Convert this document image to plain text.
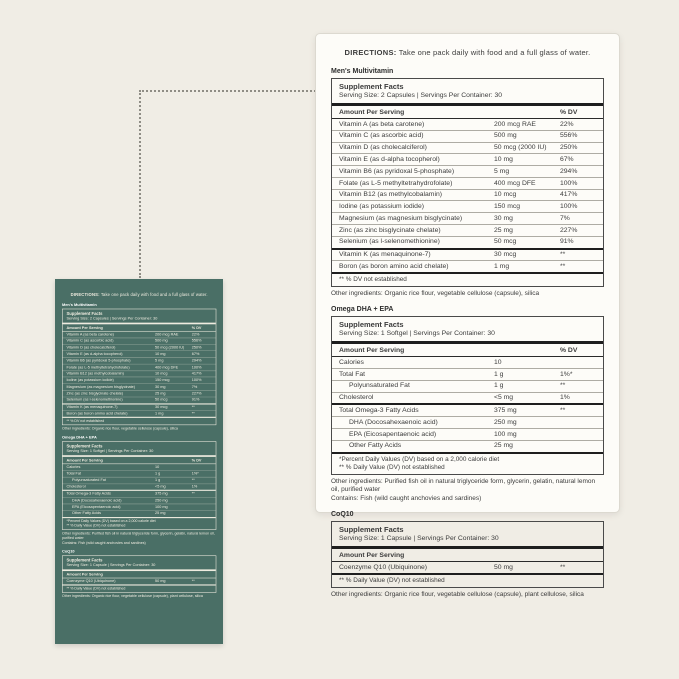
DIRECTIONS: Take one pack daily with food and a full glass of water.

Men's Multivitamin
Supplement Facts
Serving Size: 2 Capsules | Servings Per Container: 30
Amount Per Serving	% DV
Vitamin A (as beta carotene)	200 mcg RAE	22%
Vitamin C (as ascorbic acid)	500 mg	556%
Vitamin D (as cholecalciferol)	50 mcg (2000 IU)	250%
Vitamin E (as d-alpha tocopherol)	10 mg	67%
Vitamin B6 (as pyridoxal 5-phosphate)	5 mg	294%
Folate (as L-5 methyltetrahydrofolate)	400 mcg DFE	100%
Vitamin B12 (as methylcobalamin)	10 mcg	417%
Iodine (as potassium iodide)	150 mcg	100%
Magnesium (as magnesium bisglycinate)	30 mg	7%
Zinc (as zinc bisglycinate chelate)	25 mg	227%
Selenium (as l-selenomethionine)	50 mcg	91%
Vitamin K (as menaquinone-7)	30 mcg	**
Boron (as boron amino acid chelate)	1 mg	**
** % DV not established
Other ingredients: Organic rice flour, vegetable cellulose (capsule), silica
Omega DHA + EPA
Supplement Facts
Serving Size: 1 Softgel | Servings Per Container: 30
Amount Per Serving	% DV
Calories	10
Total Fat	1 g	1%*
Polyunsaturated Fat	1 g	**
Cholesterol	<5 mg	1%
Total Omega-3 Fatty Acids	375 mg	**
DHA (Docosahexaenoic acid)	250 mg
EPA (Eicosapentaenoic acid)	100 mg
Other Fatty Acids	25 mg
*Percent Daily Values (DV) based on a 2,000 calorie diet
** % Daily Value (DV) not established
Other ingredients: Purified fish oil in natural triglyceride form, glycerin, gelatin, natural lemon oil, purified water
Contains: Fish (wild caught anchovies and sardines)
CoQ10
Supplement Facts
Serving Size: 1 Capsule | Servings Per Container: 30
Amount Per Serving
Coenzyme Q10 (Ubiquinone)	50 mg	**
** % Daily Value (DV) not established
Other ingredients: Organic rice flour, vegetable cellulose (capsule), plant cellulose, silica

DIRECTIONS: Take one pack daily with food and a full glass of water.

Men's Multivitamin
Supplement Facts
Serving Size: 2 Capsules | Servings Per Container: 30
Amount Per Serving	% DV
Vitamin A (as beta carotene)	200 mcg RAE	22%
Vitamin C (as ascorbic acid)	500 mg	556%
Vitamin D (as cholecalciferol)	50 mcg (2000 IU)	250%
Vitamin E (as d-alpha tocopherol)	10 mg	67%
Vitamin B6 (as pyridoxal 5-phosphate)	5 mg	294%
Folate (as L-5 methyltetrahydrofolate)	400 mcg DFE	100%
Vitamin B12 (as methylcobalamin)	10 mcg	417%
Iodine (as potassium iodide)	150 mcg	100%
Magnesium (as magnesium bisglycinate)	30 mg	7%
Zinc (as zinc bisglycinate chelate)	25 mg	227%
Selenium (as l-selenomethionine)	50 mcg	91%
Vitamin K (as menaquinone-7)	30 mcg	**
Boron (as boron amino acid chelate)	1 mg	**
** % DV not established
Other ingredients: Organic rice flour, vegetable cellulose (capsule), silica
Omega DHA + EPA
Supplement Facts
Serving Size: 1 Softgel | Servings Per Container: 30
Amount Per Serving	% DV
Calories	10
Total Fat	1 g	1%*
Polyunsaturated Fat	1 g	**
Cholesterol	<5 mg	1%
Total Omega-3 Fatty Acids	375 mg	**
DHA (Docosahexaenoic acid)	250 mg
EPA (Eicosapentaenoic acid)	100 mg
Other Fatty Acids	25 mg
*Percent Daily Values (DV) based on a 2,000 calorie diet
** % Daily Value (DV) not established
Other ingredients: Purified fish oil in natural triglyceride form, glycerin, gelatin, natural lemon oil, purified water
Contains: Fish (wild caught anchovies and sardines)
CoQ10
Supplement Facts
Serving Size: 1 Capsule | Servings Per Container: 30
Amount Per Serving
Coenzyme Q10 (Ubiquinone)	50 mg	**
** % Daily Value (DV) not established
Other ingredients: Organic rice flour, vegetable cellulose (capsule), plant cellulose, silica
